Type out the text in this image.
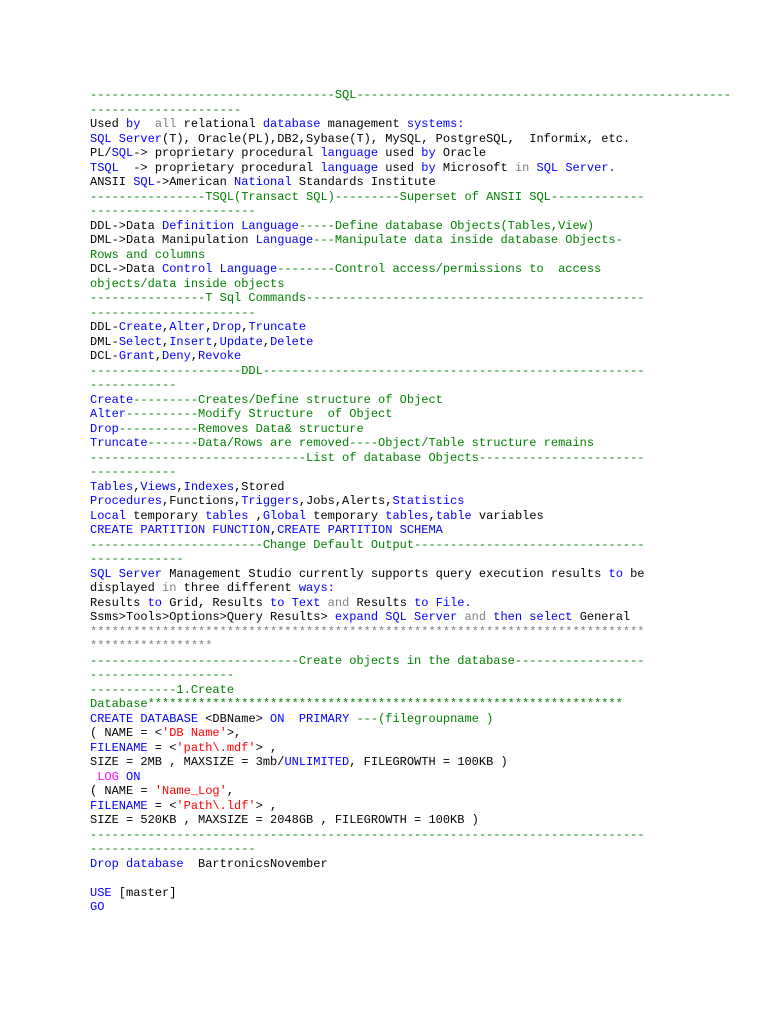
----------------------------------SQL----------------------------------------------------
---------------------
Used by all relational database management systems:
SQL Server(T), Oracle(PL),DB2,Sybase(T), MySQL, PostgreSQL,  Informix, etc.
PL/SQL-> proprietary procedural language used by Oracle
TSQL  -> proprietary procedural language used by Microsoft in SQL Server.
ANSII SQL->American National Standards Institute
----------------TSQL(Transact SQL)---------Superset of ANSII SQL-------------
-----------------------
DDL->Data Definition Language-----Define database Objects(Tables,View)
DML->Data Manipulation Language---Manipulate data inside database Objects-
Rows and columns
DCL->Data Control Language--------Control access/permissions to  access
objects/data inside objects
----------------T Sql Commands-----------------------------------------------
-----------------------
DDL-Create,Alter,Drop,Truncate
DML-Select,Insert,Update,Delete
DCL-Grant,Deny,Revoke
---------------------DDL-----------------------------------------------------
------------
Create---------Creates/Define structure of Object
Alter----------Modify Structure  of Object
Drop-----------Removes Data& structure
Truncate-------Data/Rows are removed----Object/Table structure remains
------------------------------List of database Objects-----------------------
------------
Tables,Views,Indexes,Stored
Procedures,Functions,Triggers,Jobs,Alerts,Statistics
Local temporary tables ,Global temporary tables,table variables
CREATE PARTITION FUNCTION,CREATE PARTITION SCHEMA
------------------------Change Default Output--------------------------------
-------------
SQL Server Management Studio currently supports query execution results to be
displayed in three different ways:
Results to Grid, Results to Text and Results to File.
Ssms>Tools>Options>Query Results> expand SQL Server and then select General
*****************************************************************************
*****************
-----------------------------Create objects in the database------------------
--------------------
------------1.Create
Database******************************************************************
CREATE DATABASE <DBName> ON PRIMARY ---(filegroupname )
( NAME = <'DB Name'>,
FILENAME = <'path\.mdf'> ,
SIZE = 2MB , MAXSIZE = 3mb/UNLIMITED, FILEGROWTH = 100KB )
LOG ON
( NAME = 'Name_Log',
FILENAME = <'Path\.ldf'> ,
SIZE = 520KB , MAXSIZE = 2048GB , FILEGROWTH = 100KB )
-----------------------------------------------------------------------------
-----------------------
Drop database  BartronicsNovember
USE [master]
GO
